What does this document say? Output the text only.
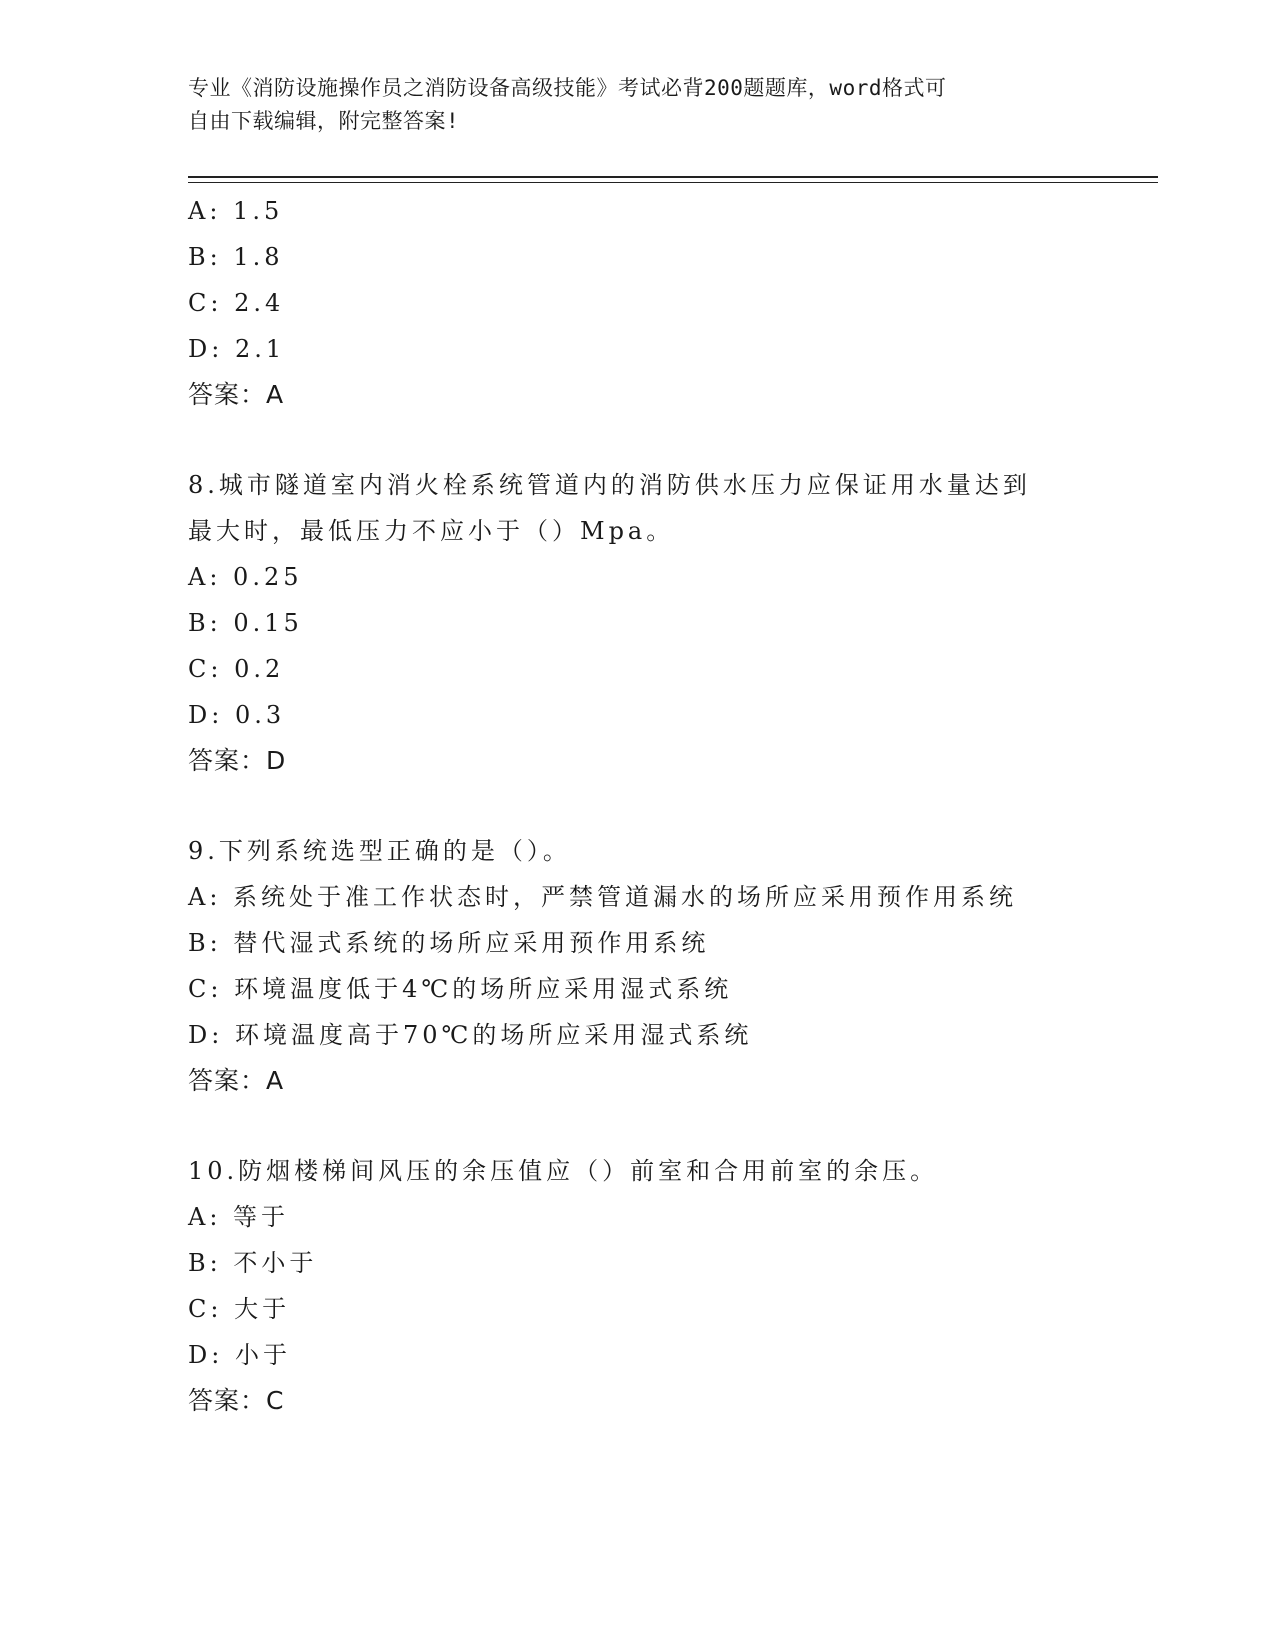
专业《消防设施操作员之消防设备高级技能》考试必背200题题库，word格式可
自由下载编辑，附完整答案!
A: 1.5
B: 1.8
C: 2.4
D: 2.1
答案：A
8.城市隧道室内消火栓系统管道内的消防供水压力应保证用水量达到
最大时，最低压力不应小于（）Mpa。
A: 0.25
B: 0.15
C: 0.2
D: 0.3
答案：D
9.下列系统选型正确的是（）。
A: 系统处于准工作状态时，严禁管道漏水的场所应采用预作用系统
B: 替代湿式系统的场所应采用预作用系统
C: 环境温度低于4℃的场所应采用湿式系统
D: 环境温度高于70℃的场所应采用湿式系统
答案：A
10.防烟楼梯间风压的余压值应（）前室和合用前室的余压。
A: 等于
B: 不小于
C: 大于
D: 小于
答案：C
